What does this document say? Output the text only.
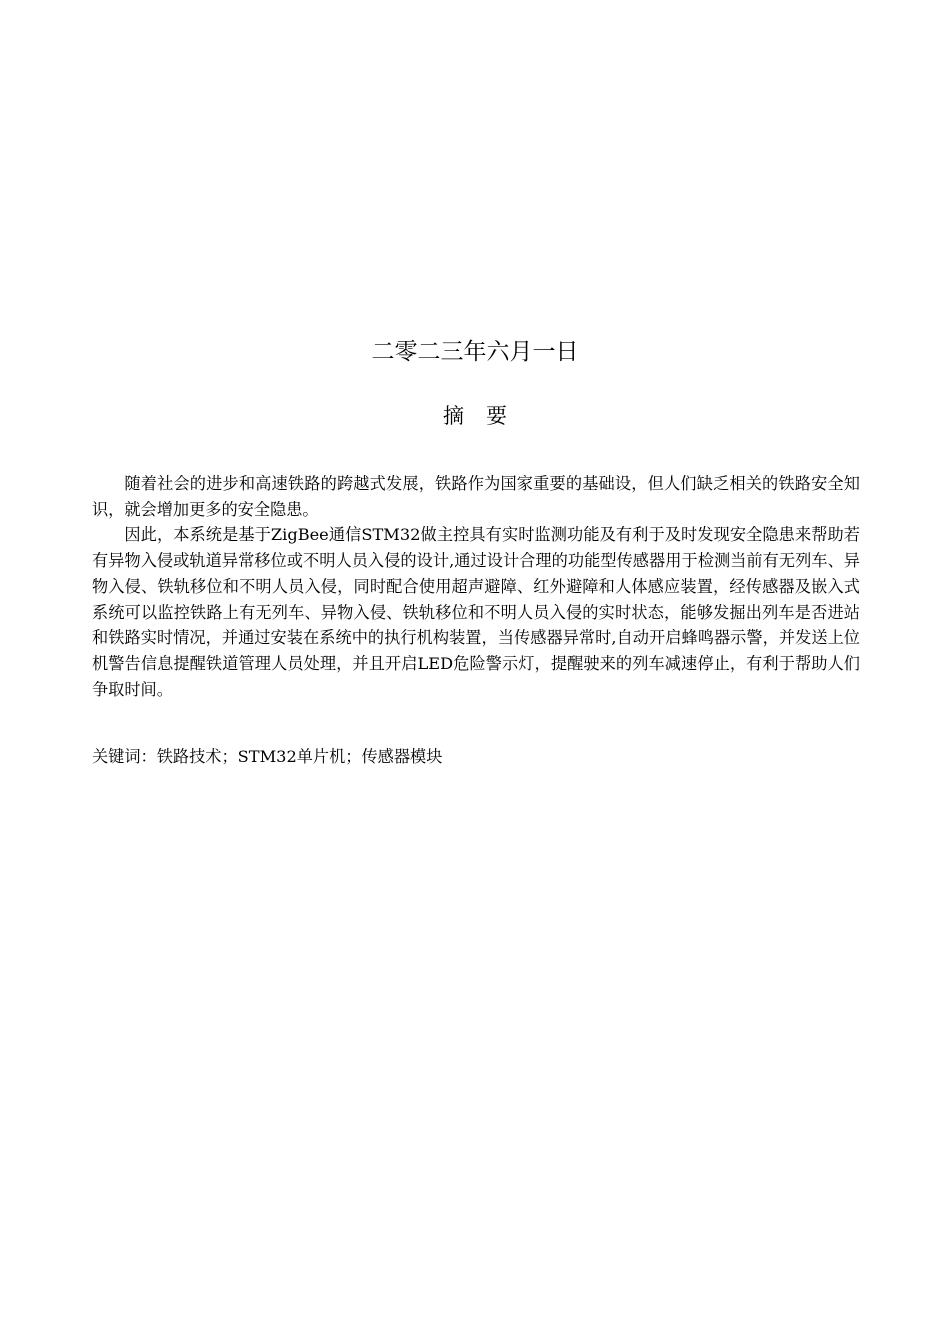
二零二三年六月一日
摘要

随着社会的进步和高速铁路的跨越式发展，铁路作为国家重要的基础设，但人们缺乏相关的铁路安全知识，就会增加更多的安全隐患。

因此，本系统是基于ZigBee通信STM32做主控具有实时监测功能及有利于及时发现安全隐患来帮助若有异物入侵或轨道异常移位或不明人员入侵的设计,通过设计合理的功能型传感器用于检测当前有无列车、异物入侵、铁轨移位和不明人员入侵，同时配合使用超声避障、红外避障和人体感应装置，经传感器及嵌入式系统可以监控铁路上有无列车、异物入侵、铁轨移位和不明人员入侵的实时状态，能够发掘出列车是否进站和铁路实时情况，并通过安装在系统中的执行机构装置，当传感器异常时,自动开启蜂鸣器示警，并发送上位机警告信息提醒铁道管理人员处理，并且开启LED危险警示灯，提醒驶来的列车减速停止，有利于帮助人们争取时间。

关键词：铁路技术；STM32单片机；传感器模块
